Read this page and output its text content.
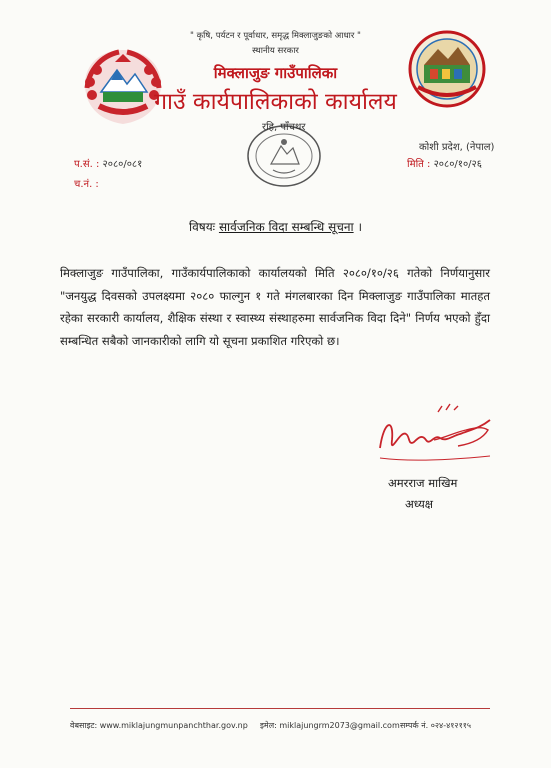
" कृषि, पर्यटन र पूर्वाधार, समृद्ध मिक्लाजुङको आधार "
स्थानीय सरकार
मिक्लाजुङ गाउँपालिका
गाउँ कार्यपालिकाको कार्यालय
रहि, पाँचथर
कोशी प्रदेश, (नेपाल)
मिति : २०८०/१०/२६
प.सं. : २०८०/०८१
च.नं. :
विषयः सार्वजनिक विदा सम्बन्धि सूचना ।
मिक्लाजुङ गाउँपालिका, गाउँकार्यपालिकाको कार्यालयको मिति २०८०/१०/२६ गतेको निर्णयानुसार "जनयुद्ध दिवसको उपलक्ष्यमा २०८० फाल्गुन १ गते मंगलबारका दिन मिक्लाजुङ गाउँपालिका मातहत रहेका सरकारी कार्यालय, शैक्षिक संस्था र स्वास्थ्य संस्थाहरुमा सार्वजनिक विदा दिने" निर्णय भएको हुँदा सम्बन्धित सबैको जानकारीको लागि यो सूचना प्रकाशित गरिएको छ।
अमरराज माखिम
अध्यक्ष
वेबसाइट: www.miklajungmunpanchthar.gov.np इमेल: miklajungrm2073@gmail.com सम्पर्क नं. ०२४-४१२११५
